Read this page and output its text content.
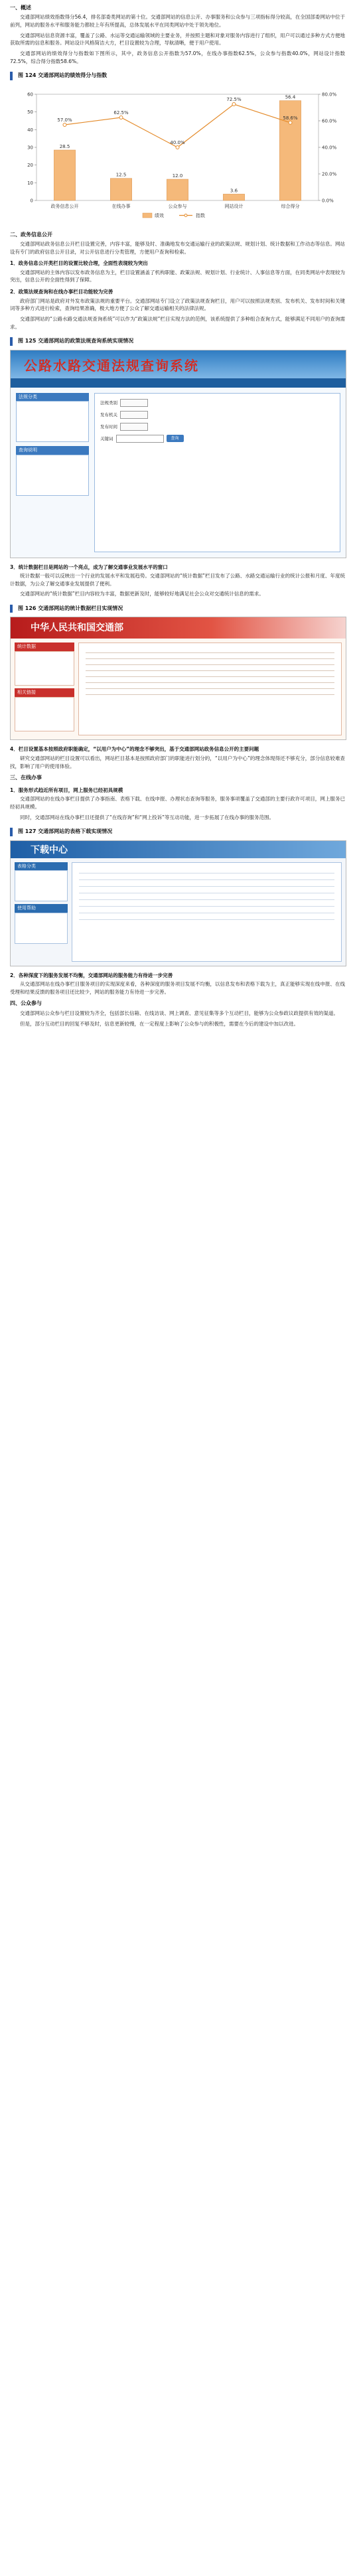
一、概述

交通部网站绩效指数得分56.4，排名部委类网站的第十位。交通部网站的信息公开、办事服务和公众参与三项指标得分较高，在全国部委网站中位于前列，网站的服务水平和服务能力都较上年有所提高，总体发展水平在同类网站中处于领先地位。

交通部网站信息资源丰富，覆盖了公路、水运等交通运输领域的主要业务，并按照主题和对象对服务内容进行了组织，用户可以通过多种方式方便地获取所需的信息和服务。网站设计风格简洁大方，栏目设置较为合理，导航清晰，便于用户使用。

交通部网站的绩效得分与指数如下图所示，其中，政务信息公开指数为57.0%，在线办事指数62.5%，公众参与指数40.0%，网站设计指数72.5%，综合得分指数58.6%。

图 124 交通部网站的绩效得分与指数
0
10
20
30
40
50
60
0.0%
20.0%
40.0%
60.0%
80.0%
28.5
政务信息公开
12.5
在线办事
12.0
公众参与
3.6
网站设计
56.4
综合得分
57.0%
62.5%
40.0%
72.5%
58.6%
绩效	指数
二、政务信息公开

交通部网站政务信息公开栏目设置完善，内容丰富，能够及时、准确地发布交通运输行业的政策法规、规划计划、统计数据和工作动态等信息。网站设有专门的政府信息公开目录，对公开信息进行分类管理，方便用户查询和检索。

1．政务信息公开类栏目的设置比较合理，全面性表现较为突出

交通部网站的主体内容以发布政务信息为主，栏目设置涵盖了机构职能、政策法规、规划计划、行业统计、人事信息等方面，在同类网站中表现较为突出，信息公开的全面性得到了保障。

2．政策法规查询和在线办事栏目功能较为完善

政府部门网站是政府对外发布政策法规的重要平台。交通部网站专门设立了政策法规查询栏目，用户可以按照法规类别、发布机关、发布时间和关键词等多种方式进行检索，查询结果准确，极大地方便了公众了解交通运输相关的法律法规。

交通部网站的“公路水路交通法规查询系统”可以作为“政策法规”栏目实现方法的范例，该系统提供了多种组合查询方式，能够满足不同用户的查询需求。

图 125 交通部网站的政策法规查询系统实现情况
公路水路交通法规查询系统
法规分类
查询说明
法规类别
发布机关
发布时间
关键词	查询
3．统计数据栏目是网站的一个亮点，成为了解交通事业发展水平的窗口

统计数据一般可以反映出一个行业的发展水平和发展趋势。交通部网站的“统计数据”栏目发布了公路、水路交通运输行业的统计公报和月度、年度统计数据，为公众了解交通事业发展提供了便利。

交通部网站的“统计数据”栏目内容较为丰富，数据更新及时，能够较好地满足社会公众对交通统计信息的需求。

图 126 交通部网站的统计数据栏目实现情况
中华人民共和国交通部
统计数据
相关链接
4．栏目设置基本按照政府职能确定，“以用户为中心”的理念不够突出，基于交通部网站政务信息公开的主要问题

研究交通部网站的栏目设置可以看出，网站栏目基本是按照政府部门的职能进行划分的，“以用户为中心”的理念体现得还不够充分，部分信息较难查找，影响了用户的使用体验。

三、在线办事
1．服务形式趋近所有项目，网上服务已经初具规模

交通部网站的在线办事栏目提供了办事指南、表格下载、在线申报、办理状态查询等服务，服务事项覆盖了交通部的主要行政许可项目，网上服务已经初具规模。

同时，交通部网站在线办事栏目还提供了“在线咨询”和“网上投诉”等互动功能，进一步拓展了在线办事的服务范围。

图 127 交通部网站的表格下载实现情况
下载中心
表格分类
使用帮助
2．各种深度下的服务发展不均衡，交通部网站的服务能力有待进一步完善

从交通部网站在线办事栏目服务项目的实现深度来看，各种深度的服务项目发展不均衡，以信息发布和表格下载为主，真正能够实现在线申报、在线受理和结果反馈的服务项目还比较少，网站的服务能力有待进一步完善。

四、公众参与

交通部网站公众参与栏目设置较为齐全，包括部长信箱、在线访谈、网上调查、意见征集等多个互动栏目，能够为公众参政议政提供有效的渠道。

但是，部分互动栏目的回复不够及时，信息更新较慢，在一定程度上影响了公众参与的积极性，需要在今后的建设中加以改进。
